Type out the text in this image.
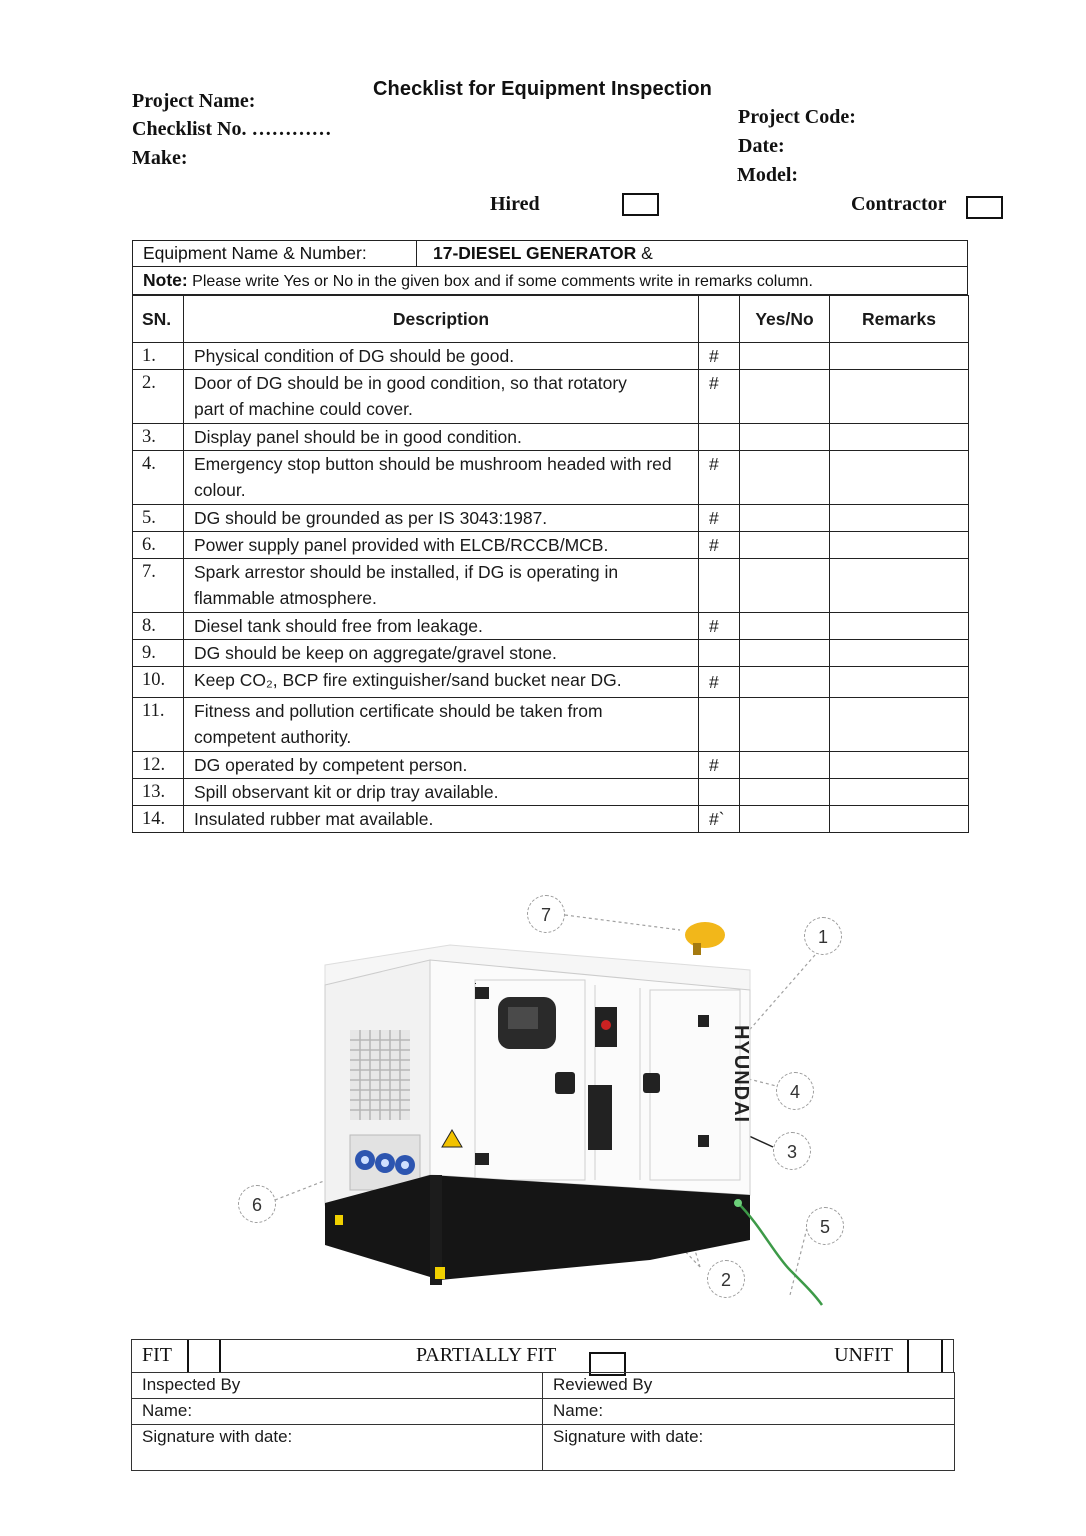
Checklist for Equipment Inspection
Project Name:
Checklist No. …………
Make:
Project Code:
Date:
Model:
Hired	Contractor
Equipment Name & Number:	17-DIESEL GENERATOR &
Note: Please write Yes or No in the given box and if some comments write in remarks column.
SN.	Description		Yes/No	Remarks
1.	Physical condition of DG should be good.	#		
2.	Door of DG should be in good condition, so that rotatory part of machine could cover.	#		
3.	Display panel should be in good condition.			
4.	Emergency stop button should be mushroom headed with red colour.	#		
5.	DG should be grounded as per IS 3043:1987.	#		
6.	Power supply panel provided with ELCB/RCCB/MCB.	#		
7.	Spark arrestor should be installed, if DG is operating in flammable atmosphere.			
8.	Diesel tank should free from leakage.	#		
9.	DG should be keep on aggregate/gravel stone.			
10.	Keep CO₂, BCP fire extinguisher/sand bucket near DG.	#		
11.	Fitness and pollution certificate should be taken from competent authority.			
12.	DG operated by competent person.	#		
13.	Spill observant kit or drip tray available.			
14.	Insulated rubber mat available.	#`		
HYUNDAI
7
1
4
3
6
5
2
FIT	PARTIALLY FIT	UNFIT
Inspected By	Reviewed By
Name:	Name:
Signature with date:	Signature with date:
